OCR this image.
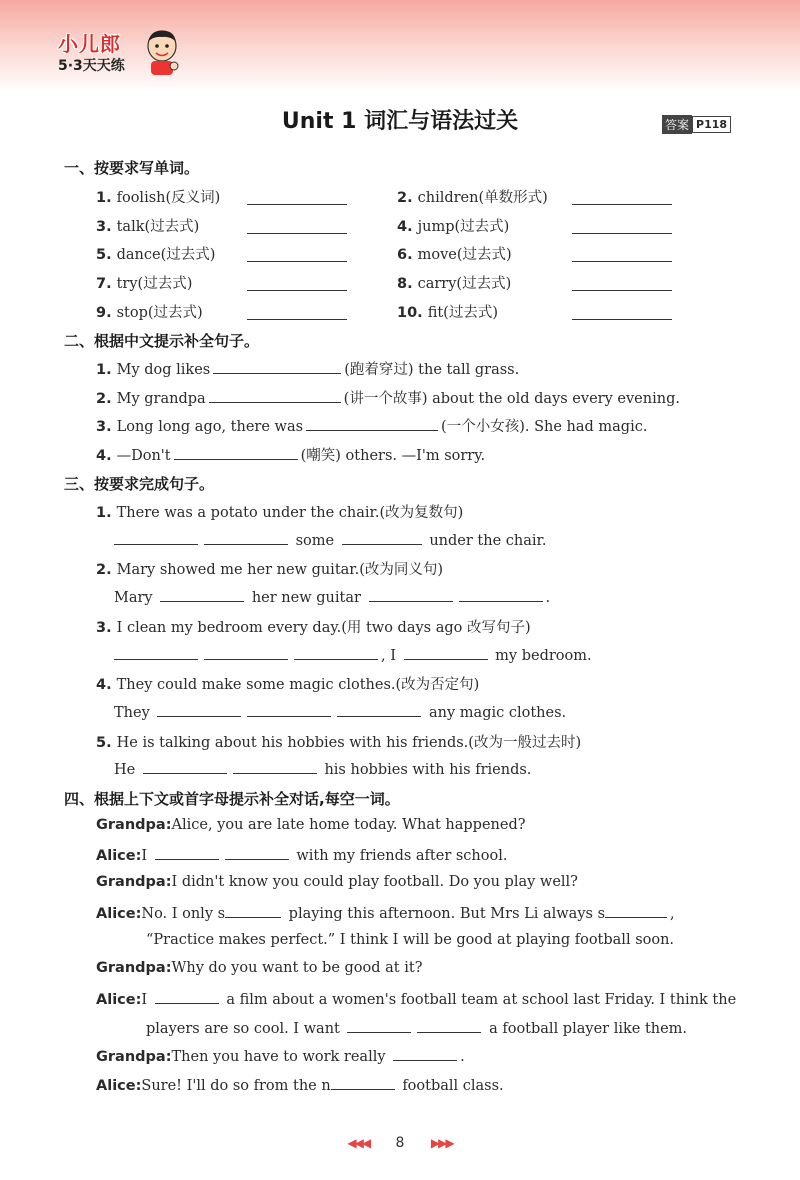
小儿郎
5·3天天练
Unit 1 词汇与语法过关	答案 P118
一、按要求写单词。
1. foolish(反义词)	2. children(单数形式)
3. talk(过去式)	4. jump(过去式)
5. dance(过去式)	6. move(过去式)
7. try(过去式)	8. carry(过去式)
9. stop(过去式)	10. fit(过去式)
二、根据中文提示补全句子。
1. My dog likes	(跑着穿过) the tall grass.
2. My grandpa	(讲一个故事) about the old days every evening.
3. Long long ago, there was	(一个小女孩). She had magic.
4. —Don't	(嘲笑) others. —I'm sorry.
三、按要求完成句子。
1. There was a potato under the chair.(改为复数句)
some	under the chair.
2. Mary showed me her new guitar.(改为同义句)
Mary	her new guitar	.
3. I clean my bedroom every day.(用 two days ago 改写句子)
, I	my bedroom.
4. They could make some magic clothes.(改为否定句)
They	any magic clothes.
5. He is talking about his hobbies with his friends.(改为一般过去时)
He	his hobbies with his friends.
四、根据上下文或首字母提示补全对话,每空一词。
Grandpa:Alice, you are late home today. What happened?
Alice:I	with my friends after school.
Grandpa:I didn't know you could play football. Do you play well?
Alice:No. I only s	playing this afternoon. But Mrs Li always s	,
“Practice makes perfect.” I think I will be good at playing football soon.
Grandpa:Why do you want to be good at it?
Alice:I	a film about a women's football team at school last Friday. I think the
players are so cool. I want	a football player like them.
Grandpa:Then you have to work really	.
Alice:Sure! I'll do so from the n	football class.
◀◀◀ 8 ▶▶▶
